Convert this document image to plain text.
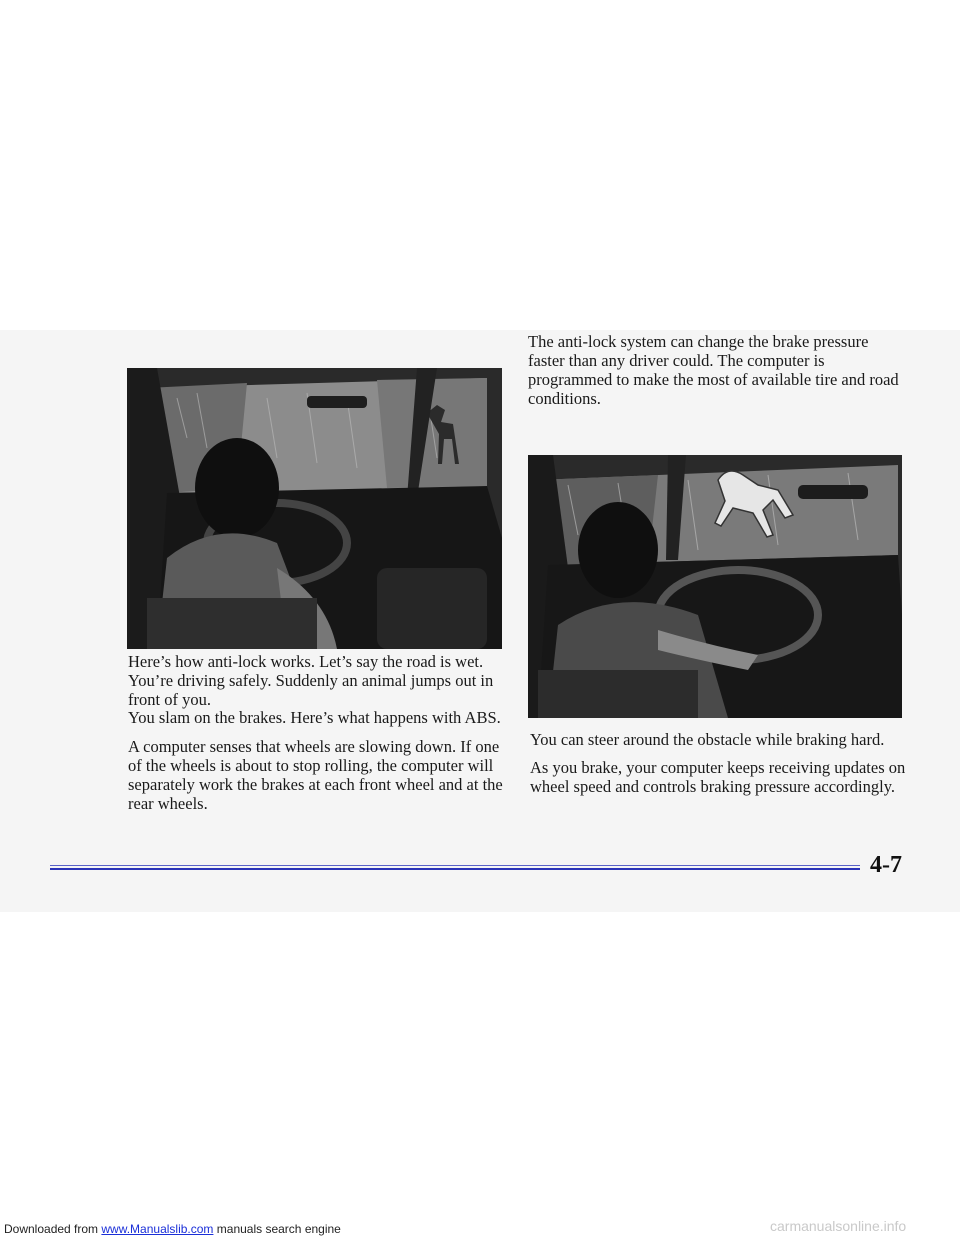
Here’s how anti-lock works. Let’s say the road is wet. You’re driving safely. Suddenly an animal jumps out in front of you.

You slam on the brakes. Here’s what happens with ABS.

A computer senses that wheels are slowing down. If one of the wheels is about to stop rolling, the computer will separately work the brakes at each front wheel and at the rear wheels.

The anti-lock system can change the brake pressure faster than any driver could. The computer is programmed to make the most of available tire and road conditions.

You can steer around the obstacle while braking hard.

As you brake, your computer keeps receiving updates on wheel speed and controls braking pressure accordingly.

4-7
Downloaded from www.Manualslib.com manuals search engine	carmanualsonline.info
